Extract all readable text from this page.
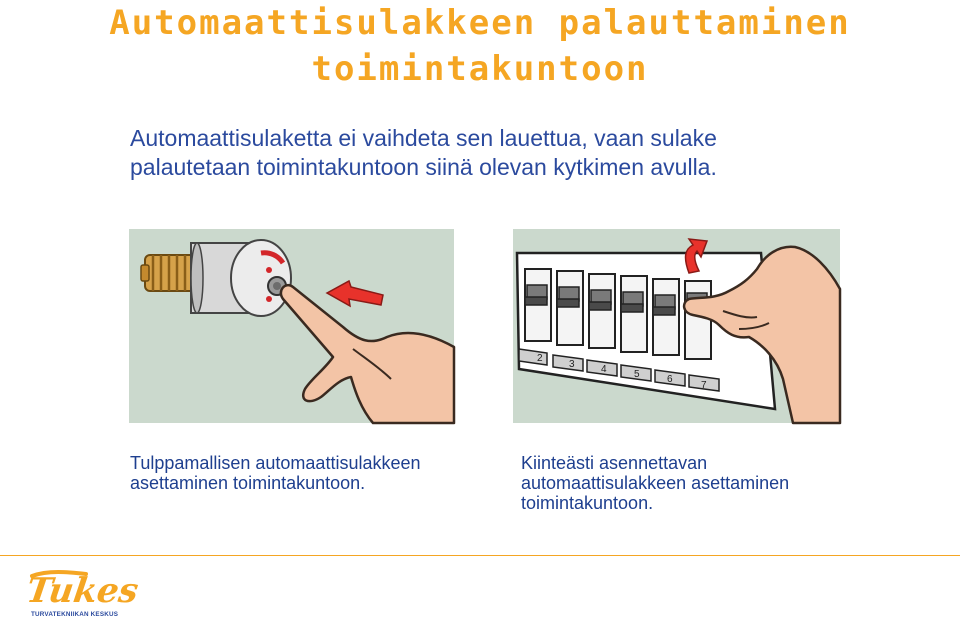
Automaattisulakkeen palauttaminen
toimintakuntoon

Automaattisulaketta ei vaihdeta sen lauettua, vaan sulake
palautetaan toimintakuntoon siinä olevan kytkimen avulla.

2
3	4	5	6
7

Tulppamallisen automaattisulakkeen
asettaminen toimintakuntoon.

Kiinteästi asennettavan
automaattisulakkeen asettaminen
toimintakuntoon.

Tukes
TURVATEKNIIKAN KESKUS
